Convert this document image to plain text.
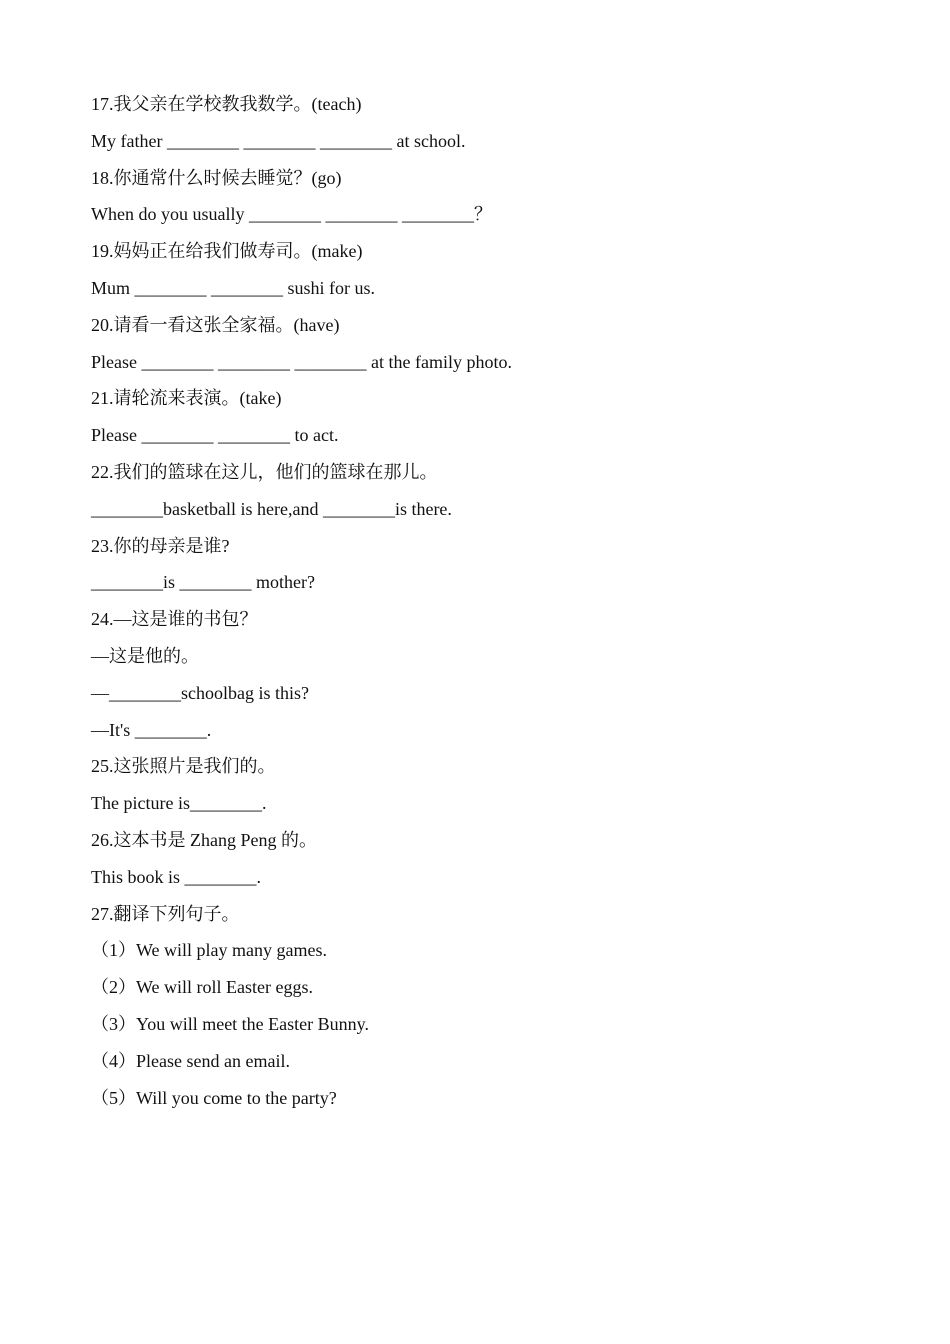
17.我父亲在学校教我数学。(teach)
My father ________ ________ ________ at school.
18.你通常什么时候去睡觉？(go)
When do you usually ________ ________ ________？
19.妈妈正在给我们做寿司。(make)
Mum ________ ________ sushi for us.
20.请看一看这张全家福。(have)
Please ________ ________ ________ at the family photo.
21.请轮流来表演。(take)
Please ________ ________ to act.
22.我们的篮球在这儿，他们的篮球在那儿。
________basketball is here,and ________is there.
23.你的母亲是谁?
________is ________ mother?
24.—这是谁的书包？
—这是他的。
—________schoolbag is this?
—It's ________.
25.这张照片是我们的。
The picture is________.
26.这本书是 Zhang Peng 的。
This book is ________.
27.翻译下列句子。
（1）We will play many games.
（2）We will roll Easter eggs.
（3）You will meet the Easter Bunny.
（4）Please send an email.
（5）Will you come to the party?
